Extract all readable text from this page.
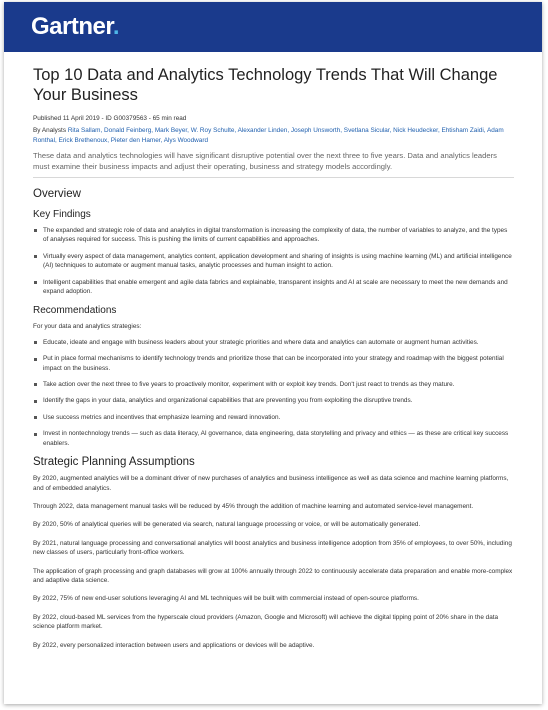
Gartner.
Top 10 Data and Analytics Technology Trends That Will Change Your Business
Published 11 April 2019 - ID G00379563 - 65 min read
By Analysts Rita Sallam, Donald Feinberg, Mark Beyer, W. Roy Schulte, Alexander Linden, Joseph Unsworth, Svetlana Sicular, Nick Heudecker, Ehtisham Zaidi, Adam Ronthal, Erick Brethenoux, Pieter den Hamer, Alys Woodward
These data and analytics technologies will have significant disruptive potential over the next three to five years. Data and analytics leaders must examine their business impacts and adjust their operating, business and strategy models accordingly.
Overview
Key Findings
The expanded and strategic role of data and analytics in digital transformation is increasing the complexity of data, the number of variables to analyze, and the types of analyses required for success. This is pushing the limits of current capabilities and approaches.
Virtually every aspect of data management, analytics content, application development and sharing of insights is using machine learning (ML) and artificial intelligence (AI) techniques to automate or augment manual tasks, analytic processes and human insight to action.
Intelligent capabilities that enable emergent and agile data fabrics and explainable, transparent insights and AI at scale are necessary to meet the new demands and expand adoption.
Recommendations
For your data and analytics strategies:
Educate, ideate and engage with business leaders about your strategic priorities and where data and analytics can automate or augment human activities.
Put in place formal mechanisms to identify technology trends and prioritize those that can be incorporated into your strategy and roadmap with the biggest potential impact on the business.
Take action over the next three to five years to proactively monitor, experiment with or exploit key trends. Don't just react to trends as they mature.
Identify the gaps in your data, analytics and organizational capabilities that are preventing you from exploiting the disruptive trends.
Use success metrics and incentives that emphasize learning and reward innovation.
Invest in nontechnology trends — such as data literacy, AI governance, data engineering, data storytelling and privacy and ethics — as these are critical key success enablers.
Strategic Planning Assumptions

By 2020, augmented analytics will be a dominant driver of new purchases of analytics and business intelligence as well as data science and machine learning platforms, and of embedded analytics.

Through 2022, data management manual tasks will be reduced by 45% through the addition of machine learning and automated service-level management.

By 2020, 50% of analytical queries will be generated via search, natural language processing or voice, or will be automatically generated.

By 2021, natural language processing and conversational analytics will boost analytics and business intelligence adoption from 35% of employees, to over 50%, including new classes of users, particularly front-office workers.

The application of graph processing and graph databases will grow at 100% annually through 2022 to continuously accelerate data preparation and enable more-complex and adaptive data science.

By 2022, 75% of new end-user solutions leveraging AI and ML techniques will be built with commercial instead of open-source platforms.

By 2022, cloud-based ML services from the hyperscale cloud providers (Amazon, Google and Microsoft) will achieve the digital tipping point of 20% share in the data science platform market.

By 2022, every personalized interaction between users and applications or devices will be adaptive.
